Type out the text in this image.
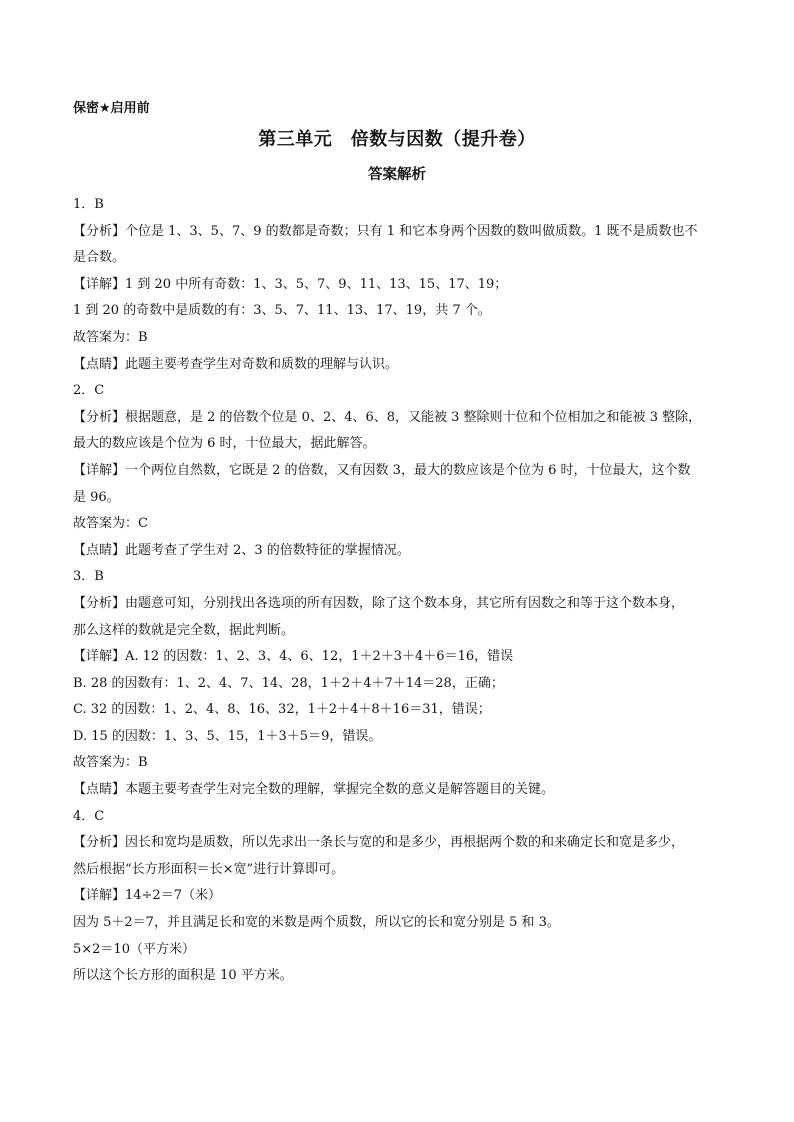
保密★启用前
第三单元　倍数与因数（提升卷）
答案解析
1．B
【分析】个位是 1、3、5、7、9 的数都是奇数；只有 1 和它本身两个因数的数叫做质数。1 既不是质数也不
是合数。
【详解】1 到 20 中所有奇数：1、3、5、7、9、11、13、15、17、19；
1 到 20 的奇数中是质数的有：3、5、7、11、13、17、19，共 7 个。
故答案为：B
【点睛】此题主要考查学生对奇数和质数的理解与认识。
2．C
【分析】根据题意，是 2 的倍数个位是 0、2、4、6、8，又能被 3 整除则十位和个位相加之和能被 3 整除，
最大的数应该是个位为 6 时，十位最大，据此解答。
【详解】一个两位自然数，它既是 2 的倍数，又有因数 3，最大的数应该是个位为 6 时，十位最大，这个数
是 96。
故答案为：C
【点睛】此题考查了学生对 2、3 的倍数特征的掌握情况。
3．B
【分析】由题意可知，分别找出各选项的所有因数，除了这个数本身，其它所有因数之和等于这个数本身，
那么这样的数就是完全数，据此判断。
【详解】A. 12 的因数：1、2、3、4、6、12，1＋2＋3＋4＋6＝16，错误
B. 28 的因数有：1、2、4、7、14、28，1＋2＋4＋7＋14＝28，正确；
C. 32 的因数：1、2、4、8、16、32，1＋2＋4＋8＋16＝31，错误；
D. 15 的因数：1、3、5、15，1＋3＋5＝9，错误。
故答案为：B
【点睛】本题主要考查学生对完全数的理解，掌握完全数的意义是解答题目的关键。
4．C
【分析】因长和宽均是质数，所以先求出一条长与宽的和是多少，再根据两个数的和来确定长和宽是多少，
然后根据“长方形面积＝长×宽”进行计算即可。
【详解】14÷2＝7（米）
因为 5＋2＝7，并且满足长和宽的米数是两个质数，所以它的长和宽分别是 5 和 3。
5×2＝10（平方米）
所以这个长方形的面积是 10 平方米。
